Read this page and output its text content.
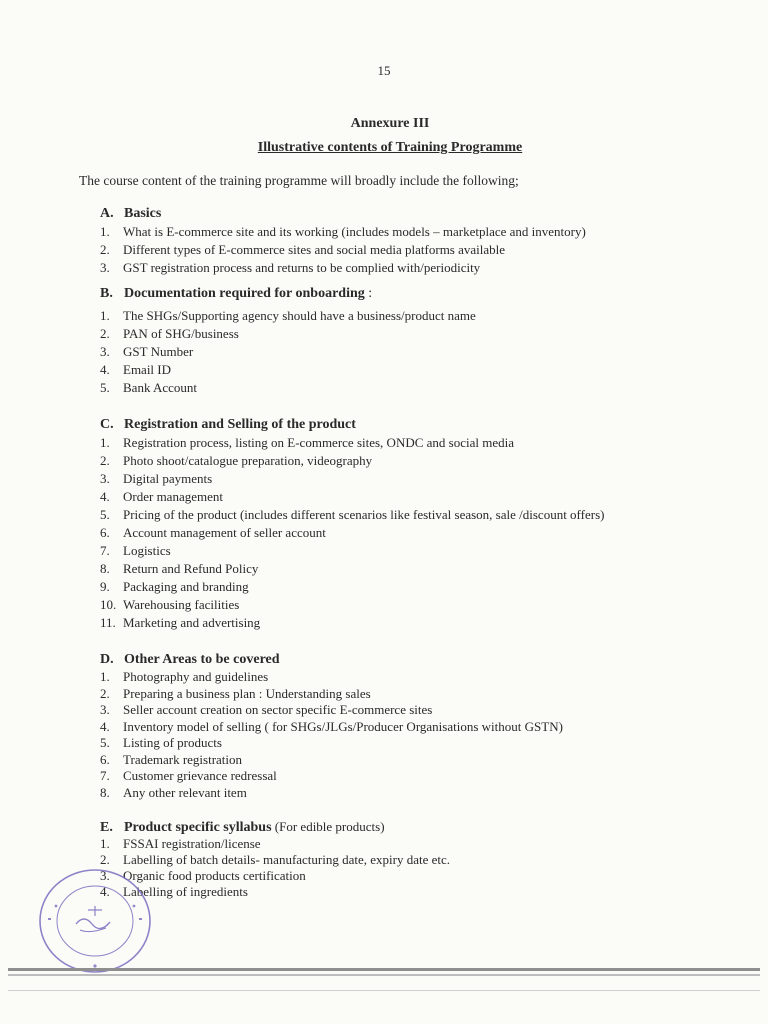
15
Annexure III
Illustrative contents of Training Programme
The course content of the training programme will broadly include the following;
A. Basics
1.	What is E-commerce site and its working (includes models – marketplace and inventory)
2.	Different types of E-commerce sites and social media platforms available
3.	GST registration process and returns to be complied with/periodicity
B. Documentation required for onboarding :
1.	The SHGs/Supporting agency should have a business/product name
2.	PAN of SHG/business
3.	GST Number
4.	Email ID
5.	Bank Account
C. Registration and Selling of the product
1.	Registration process, listing on E-commerce sites, ONDC and social media
2.	Photo shoot/catalogue preparation, videography
3.	Digital payments
4.	Order management
5.	Pricing of the product (includes different scenarios like festival season, sale /discount offers)
6.	Account management of seller account
7.	Logistics
8.	Return and Refund Policy
9.	Packaging and branding
10. Warehousing facilities
11. Marketing and advertising
D. Other Areas to be covered
1.	Photography and guidelines
2.	Preparing a business plan : Understanding sales
3.	Seller account creation on sector specific E-commerce sites
4.	Inventory model of selling ( for SHGs/JLGs/Producer Organisations without GSTN)
5.	Listing of products
6.	Trademark registration
7.	Customer grievance redressal
8.	Any other relevant item
E. Product specific syllabus (For edible products)
1.	FSSAI registration/license
2.	Labelling of batch details- manufacturing date, expiry date etc.
3.	Organic food products certification
4.	Labelling of ingredients
